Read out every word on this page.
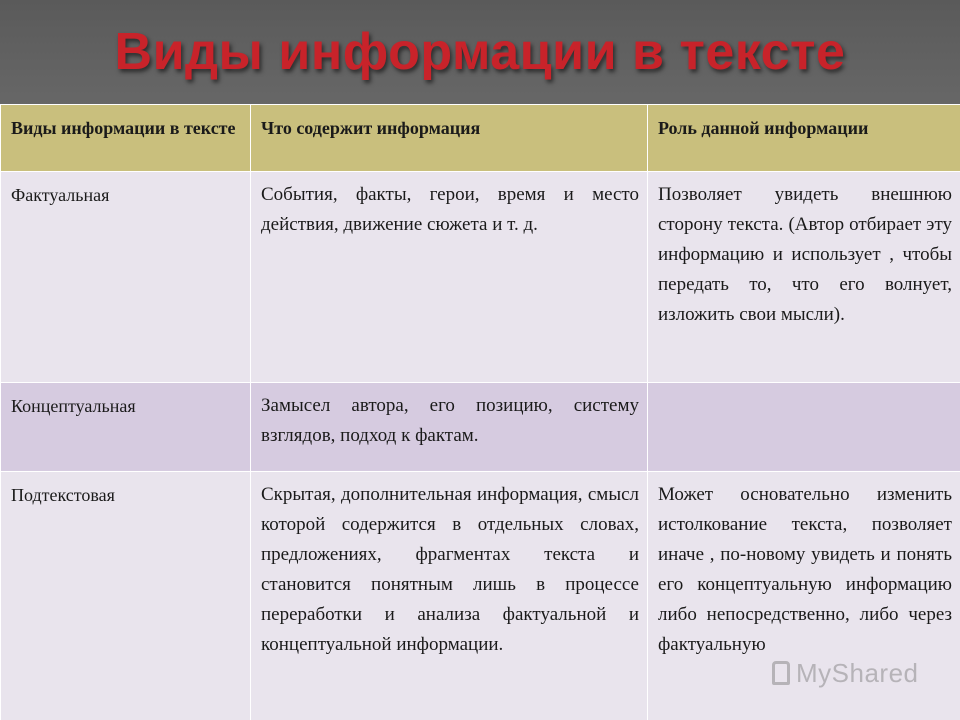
Виды информации в тексте
Виды информации в тексте	Что содержит информация	Роль данной информации
Фактуальная	События, факты, герои, время и место действия, движение сюжета и т. д.	Позволяет увидеть внешнюю сторону текста. (Автор отбирает эту информацию и использует , чтобы передать то, что его волнует, изложить свои мысли).
Концептуальная	Замысел автора, его позицию, систему взглядов, подход к фактам.	
Подтекстовая	Скрытая, дополнительная информация, смысл которой содержится в отдельных словах, предложениях, фрагментах текста и становится понятным лишь в процессе переработки и анализа фактуальной и концептуальной информации.	Может основательно изменить истолкование текста, позволяет иначе , по-новому увидеть и понять его концептуальную информацию либо непосредственно, либо через фактуальную
MyShared
